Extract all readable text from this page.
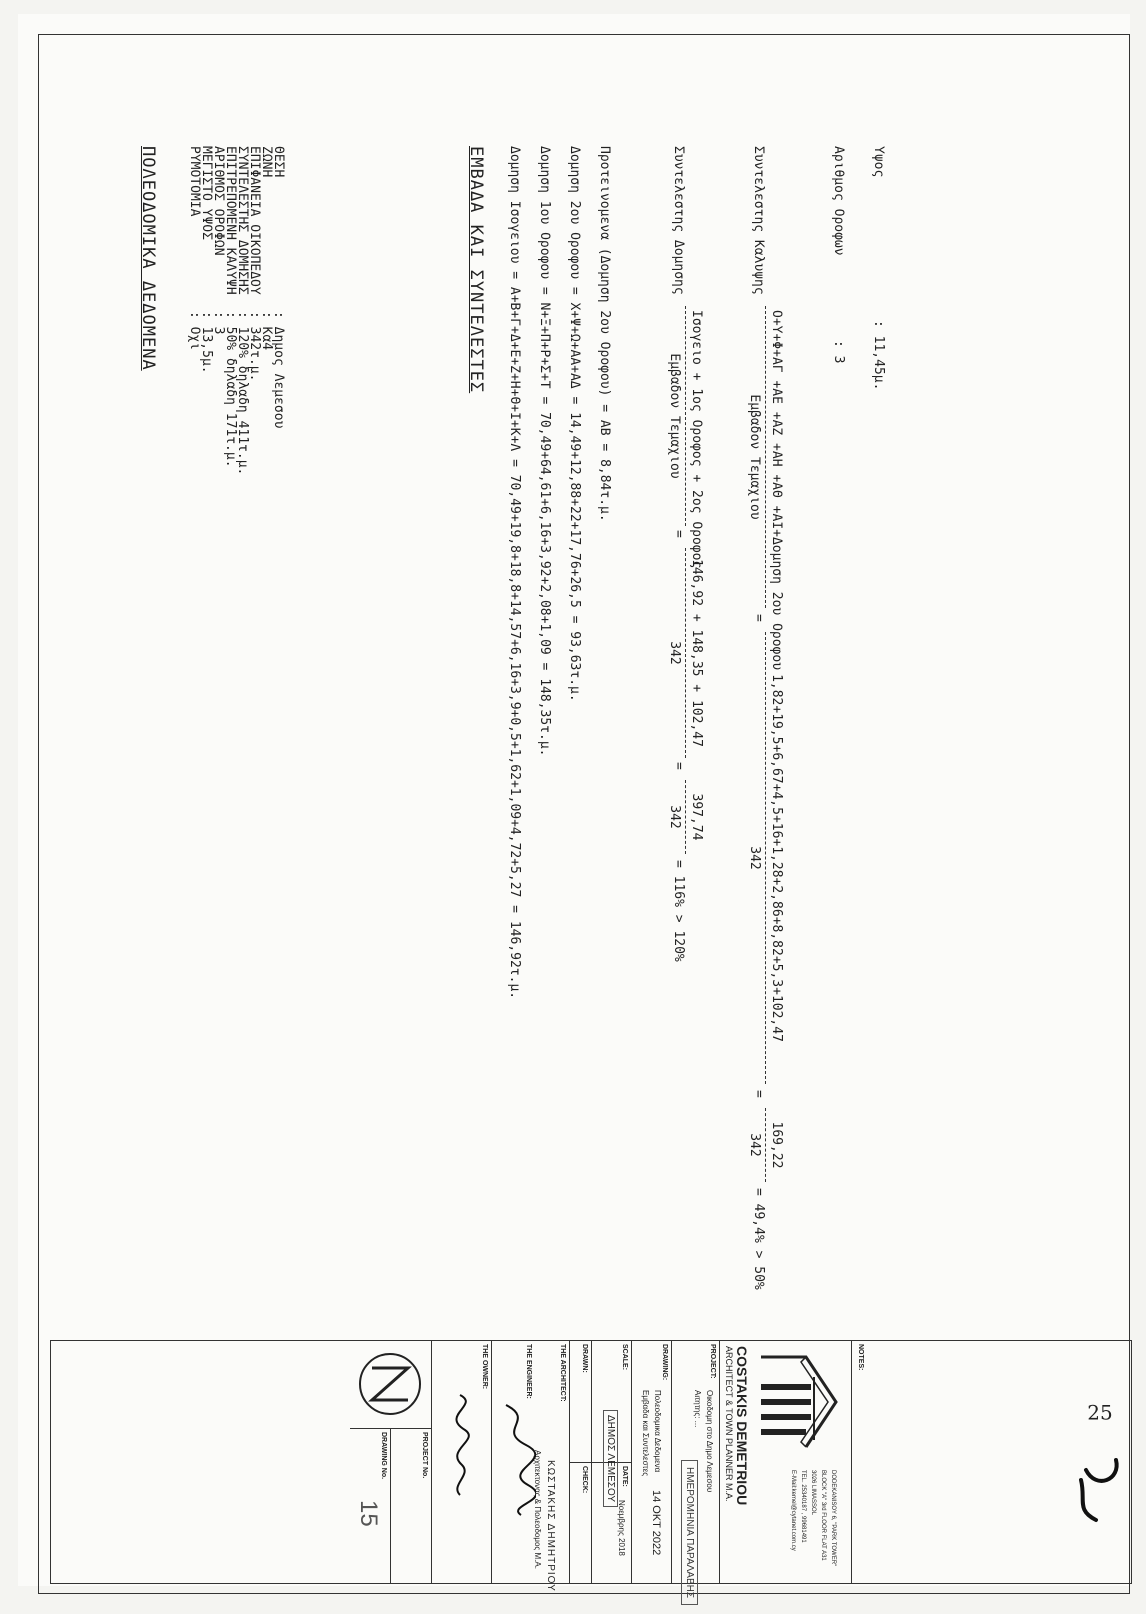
ΠΟΛΕΟΔΟΜΙΚΑ ΔΕΔΟΜΕΝΑ	ΘΕΣΗ
: Δημος Λεμεσου
ΖΩΝΗ
: Κα4
ΕΠΙΦΑΝΕΙΑ ΟΙΚΟΠΕΔΟΥ
: 342τ.μ.
ΣΥΝΤΕΛΕΣΤΗΣ ΔΟΜΗΣΗΣ
: 120% δηλαδη 411τ.μ.
ΕΠΙΤΡΕΠΟΜΕΝΗ ΚΑΛΥΨΗ
: 50% δηλαδη 171τ.μ.
ΑΡΙΘΜΟΣ ΟΡΟΦΩΝ
: 3
ΜΕΓΙΣΤΟ ΥΨΟΣ
: 13,5μ.
ΡΥΜΟΤΟΜΙΑ
: Οχι	ΕΜΒΑΔΑ ΚΑΙ ΣΥΝΤΕΛΕΣΤΕΣ Δομηση Ισογειου = Α+Β+Γ+Δ+Ε+Ζ+Η+Θ+Ι+Κ+Λ = 70,49+19,8+18,8+14,57+6,16+3,9+0,5+1,62+1,09+4,72+5,27 = 146,92τ.μ. Δομηση 1ου Οροφου = Ν+Ξ+Π+Ρ+Σ+Τ = 70,49+64,61+6,16+3,92+2,08+1,09 = 148,35τ.μ. Δομηση 2ου Οροφου = Χ+Ψ+Ω+ΑΑ+ΑΔ = 14,49+12,88+22+17,76+26,5 = 93,63τ.μ. Προτεινομενα (Δομηση 2ου Οροφου) = ΑΒ = 8,84τ.μ.	Συντελεστης Δομησης
Ισογειο + 1ος Οροφος + 2ος Οροφος
Εμβαδον Τεμαχιου
=
146,92 + 148,35 + 102,47
342
=
397,74
342
= 116% > 120%
Συντελεστης Καλυψης
Ο+Υ+Φ+ΑΓ +ΑΕ +ΑΖ +ΑΗ +ΑΘ +ΑΙ+Δομηση 2ου Οροφου
Εμβαδον Τεμαχιου
=
1,82+19,5+6,67+4,5+16+1,28+2,86+8,82+5,3+102,47
342
=
169,22
342
= 49,4% > 50%
Αριθμος Οροφων
: 3
Υψος
: 11,45μ.
NOTES:
25
COSTAKIS DEMETRIOU
ARCHITECT & TOWN PLANNER M.A.
DODEKANISOY 6, "PARK TOWER"
BLOCK "A" 3rd FLOOR FLAT A31
3026 LIMASSOL
TEL. 25340187 , 99681491
E-Mail:kemel@cytanet.com.cy
PROJECT:
Οικοδομη στο Δημο Λεμεσου
Αιτητης: ...
ΗΜΕΡΟΜΗΝΙΑ ΠΑΡΑΛΑΒΗΣ
DRAWING:
Πολεοδομικα Δεδομενα
Εμβαδα και Συντελεστες
14 ΟΚΤ 2022
SCALE:
DATE:
Νοεμβρης 2018
ΔΗΜΟΣ ΛΕΜΕΣΟΥ
DRAWN:
CHECK:
THE ARCHITECT:
ΚΩΣΤΑΚΗΣ ΔΗΜΗΤΡΙΟΥ
Αρχιτεκτονας & Πολεοδομος Μ.Α.
THE ENGINEER:
THE OWNER:
PROJECT No.
DRAWING No.
15
